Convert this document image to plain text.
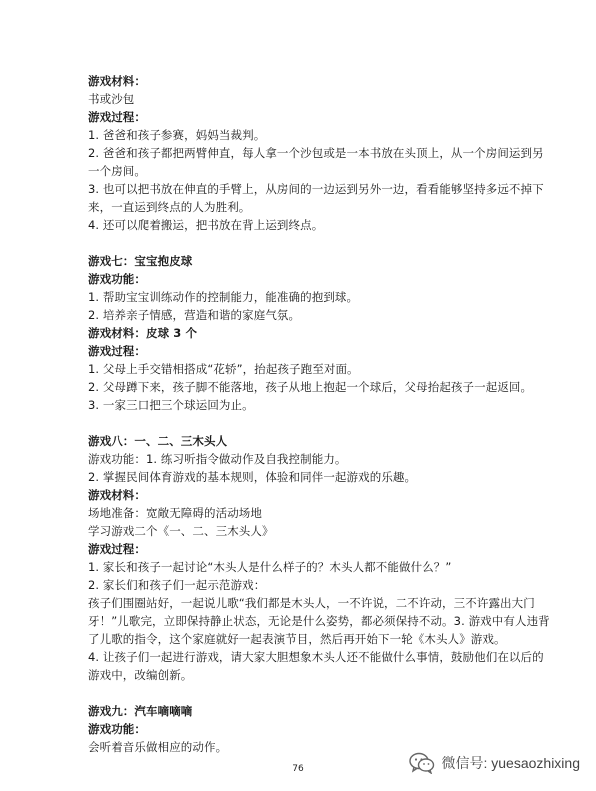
游戏材料：
书或沙包
游戏过程：
1. 爸爸和孩子参赛，妈妈当裁判。
2. 爸爸和孩子都把两臂伸直，每人拿一个沙包或是一本书放在头顶上，从一个房间运到另
一个房间。
3. 也可以把书放在伸直的手臂上，从房间的一边运到另外一边，看看能够坚持多远不掉下
来，一直运到终点的人为胜利。
4. 还可以爬着搬运，把书放在背上运到终点。
游戏七：宝宝抱皮球
游戏功能：
1. 帮助宝宝训练动作的控制能力，能准确的抱到球。
2. 培养亲子情感，营造和谐的家庭气氛。
游戏材料：皮球 3 个
游戏过程：
1. 父母上手交错相搭成“花轿”，抬起孩子跑至对面。
2. 父母蹲下来，孩子脚不能落地，孩子从地上抱起一个球后，父母抬起孩子一起返回。
3. 一家三口把三个球运回为止。
游戏八：一、二、三木头人
游戏功能：1. 练习听指令做动作及自我控制能力。
2. 掌握民间体育游戏的基本规则，体验和同伴一起游戏的乐趣。
游戏材料：
场地准备：宽敞无障碍的活动场地
学习游戏二个《一、二、三木头人》
游戏过程：
1. 家长和孩子一起讨论“木头人是什么样子的？木头人都不能做什么？”
2. 家长们和孩子们一起示范游戏：
孩子们围圈站好，一起说儿歌“我们都是木头人，一不许说，二不许动，三不许露出大门
牙！”儿歌完，立即保持静止状态，无论是什么姿势，都必须保持不动。3. 游戏中有人违背
了儿歌的指令，这个家庭就好一起表演节目，然后再开始下一轮《木头人》游戏。
4. 让孩子们一起进行游戏，请大家大胆想象木头人还不能做什么事情，鼓励他们在以后的
游戏中，改编创新。
游戏九：汽车嘀嘀嘀
游戏功能：
会听着音乐做相应的动作。
76	微信号: yuesaozhixing
